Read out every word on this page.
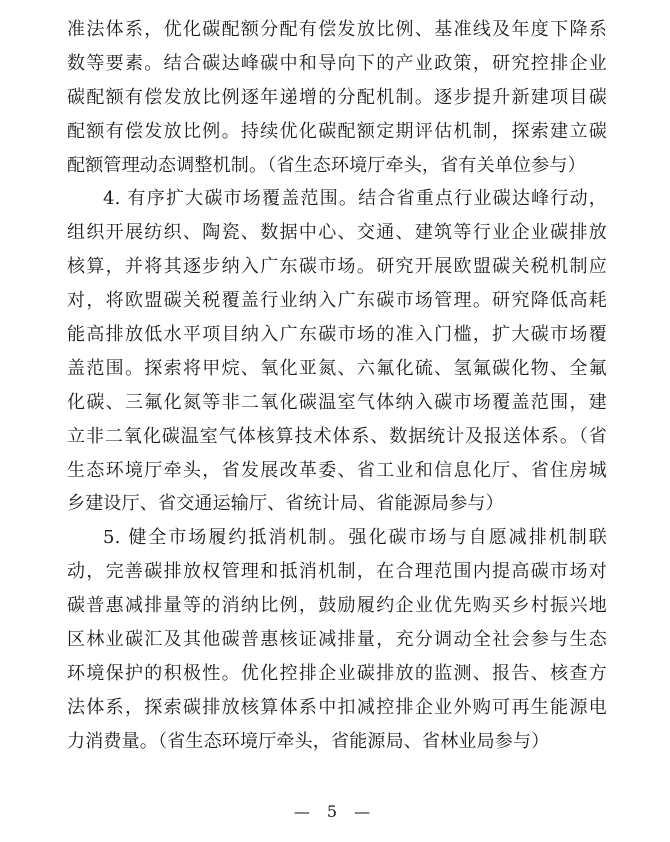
准法体系，优化碳配额分配有偿发放比例、基准线及年度下降系
数等要素。结合碳达峰碳中和导向下的产业政策，研究控排企业
碳配额有偿发放比例逐年递增的分配机制。逐步提升新建项目碳
配额有偿发放比例。持续优化碳配额定期评估机制，探索建立碳
配额管理动态调整机制。（省生态环境厅牵头，省有关单位参与）
4. 有序扩大碳市场覆盖范围。结合省重点行业碳达峰行动，
组织开展纺织、陶瓷、数据中心、交通、建筑等行业企业碳排放
核算，并将其逐步纳入广东碳市场。研究开展欧盟碳关税机制应
对，将欧盟碳关税覆盖行业纳入广东碳市场管理。研究降低高耗
能高排放低水平项目纳入广东碳市场的准入门槛，扩大碳市场覆
盖范围。探索将甲烷、氧化亚氮、六氟化硫、氢氟碳化物、全氟
化碳、三氟化氮等非二氧化碳温室气体纳入碳市场覆盖范围，建
立非二氧化碳温室气体核算技术体系、数据统计及报送体系。（省
生态环境厅牵头，省发展改革委、省工业和信息化厅、省住房城
乡建设厅、省交通运输厅、省统计局、省能源局参与）
5. 健全市场履约抵消机制。强化碳市场与自愿减排机制联
动，完善碳排放权管理和抵消机制，在合理范围内提高碳市场对
碳普惠减排量等的消纳比例，鼓励履约企业优先购买乡村振兴地
区林业碳汇及其他碳普惠核证减排量，充分调动全社会参与生态
环境保护的积极性。优化控排企业碳排放的监测、报告、核查方
法体系，探索碳排放核算体系中扣减控排企业外购可再生能源电
力消费量。（省生态环境厅牵头，省能源局、省林业局参与）
— 5 —
